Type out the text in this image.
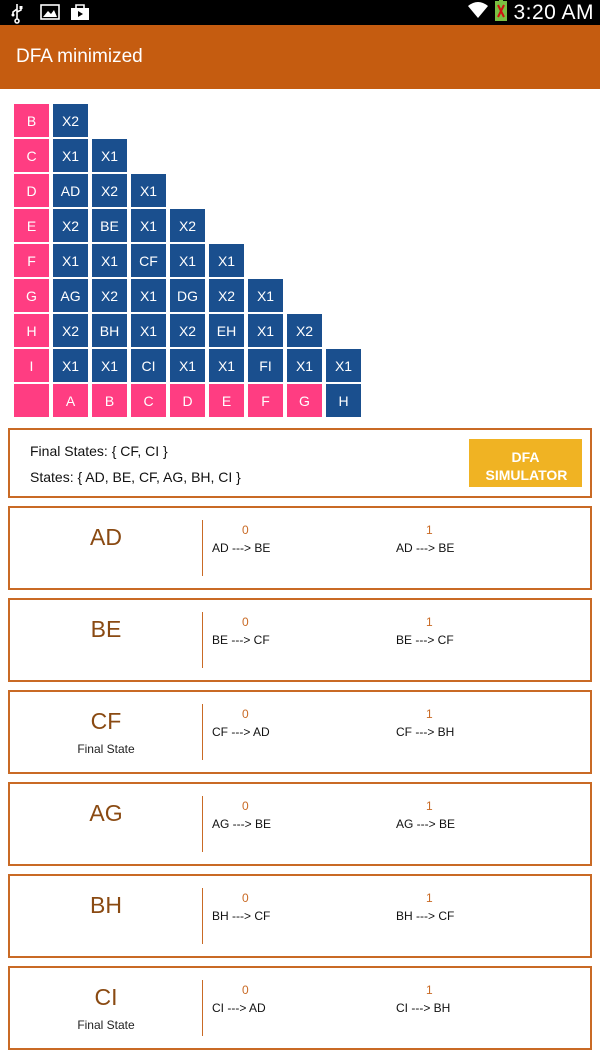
3:20 AM
DFA minimized
B	X2
C	X1	X1
D	AD	X2	X1
E	X2	BE	X1	X2
F	X1	X1	CF	X1	X1
G	AG	X2	X1	DG	X2	X1
H	X2	BH	X1	X2	EH	X1	X2
I	X1	X1	CI	X1	X1	FI	X1	X1
A	B	C	D	E	F	G	H
Final States: { CF, CI }
States: { AD, BE, CF, AG, BH, CI }
DFA SIMULATOR
AD	0
AD ---> BE
1
AD ---> BE
BE	0
BE ---> CF
1
BE ---> CF
CF
Final State
0
CF ---> AD
1
CF ---> BH
AG	0
AG ---> BE
1
AG ---> BE
BH	0
BH ---> CF
1
BH ---> CF
CI
Final State
0
CI ---> AD
1
CI ---> BH
